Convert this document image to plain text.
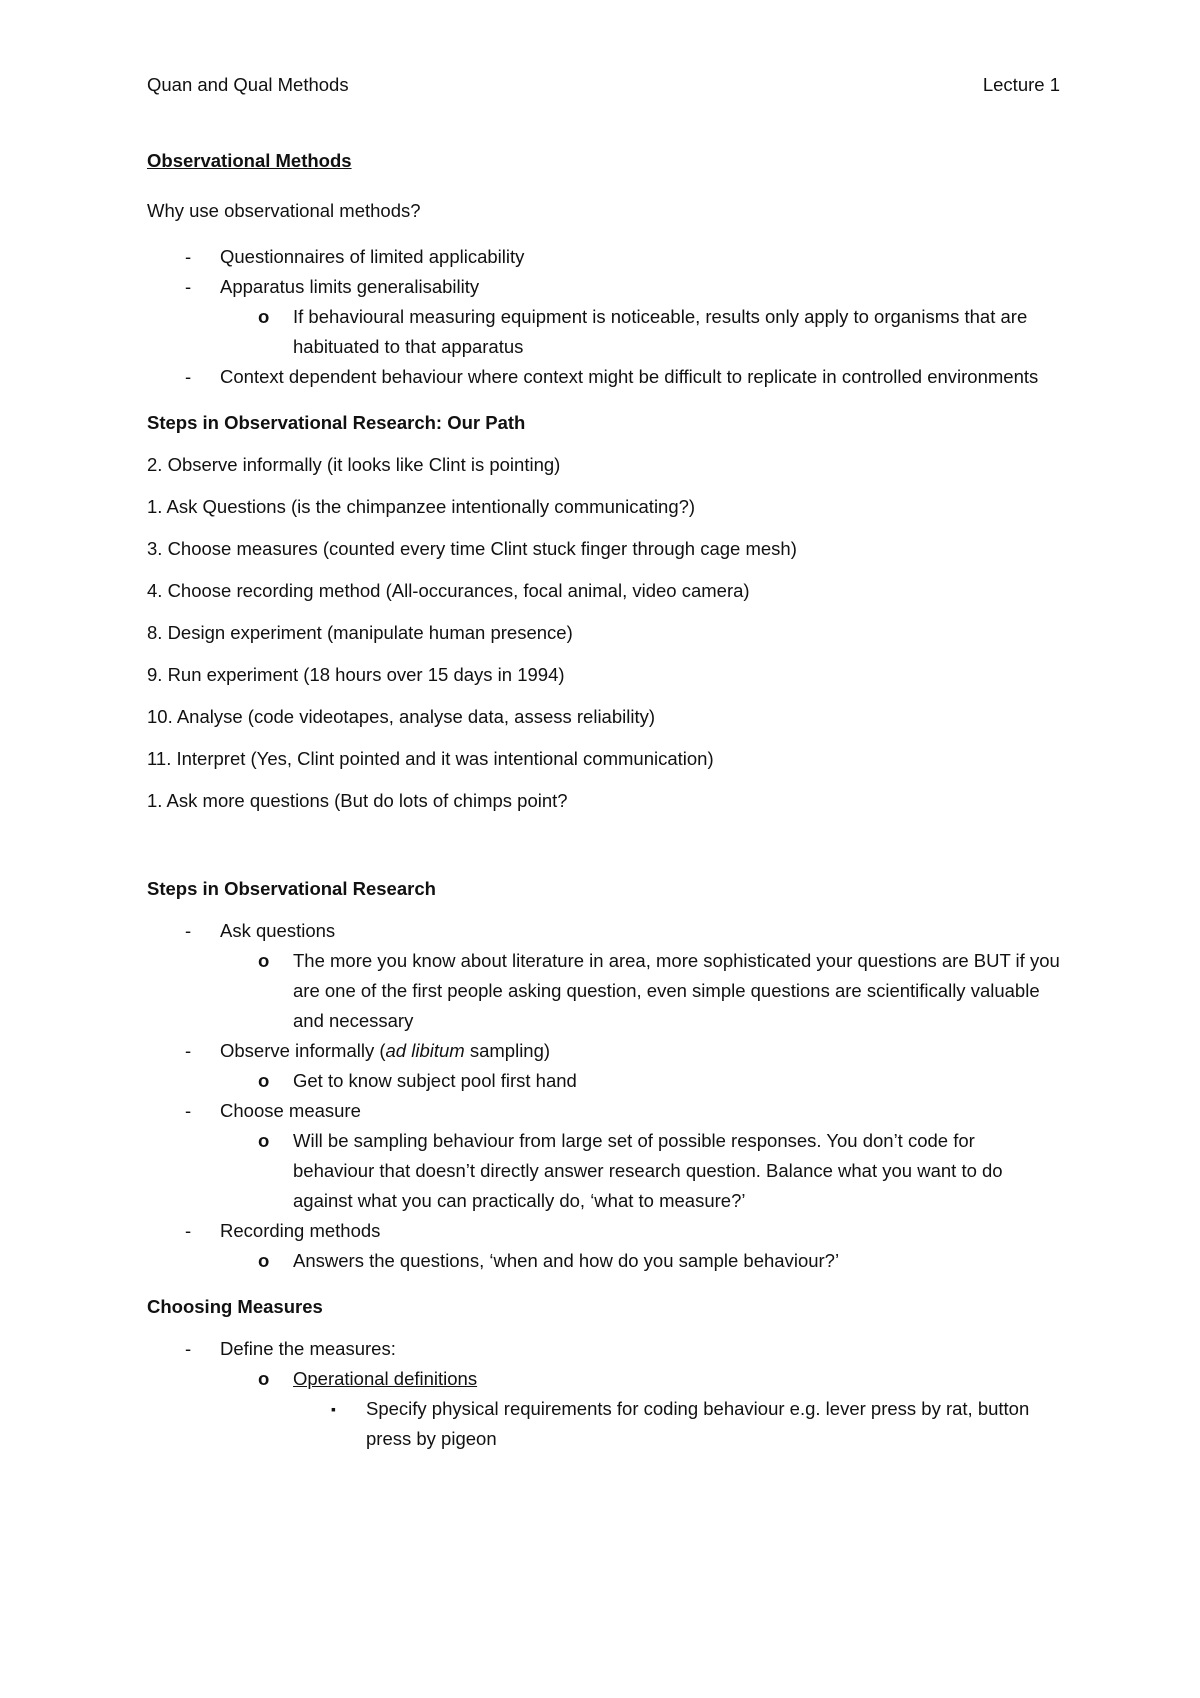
Quan and Qual Methods	Lecture 1
Observational Methods
Why use observational methods?
- Questionnaires of limited applicability
- Apparatus limits generalisability
o If behavioural measuring equipment is noticeable, results only apply to organisms that are habituated to that apparatus
- Context dependent behaviour where context might be difficult to replicate in controlled environments
Steps in Observational Research: Our Path
2. Observe informally (it looks like Clint is pointing)
1. Ask Questions (is the chimpanzee intentionally communicating?)
3. Choose measures (counted every time Clint stuck finger through cage mesh)
4. Choose recording method (All-occurances, focal animal, video camera)
8. Design experiment (manipulate human presence)
9. Run experiment (18 hours over 15 days in 1994)
10. Analyse (code videotapes, analyse data, assess reliability)
11. Interpret (Yes, Clint pointed and it was intentional communication)
1. Ask more questions (But do lots of chimps point?
Steps in Observational Research
- Ask questions
o The more you know about literature in area, more sophisticated your questions are BUT if you are one of the first people asking question, even simple questions are scientifically valuable and necessary
- Observe informally (ad libitum sampling)
o Get to know subject pool first hand
- Choose measure
o Will be sampling behaviour from large set of possible responses. You don’t code for behaviour that doesn’t directly answer research question. Balance what you want to do against what you can practically do, ‘what to measure?’
- Recording methods
o Answers the questions, ‘when and how do you sample behaviour?’
Choosing Measures
- Define the measures:
o Operational definitions
▪ Specify physical requirements for coding behaviour e.g. lever press by rat, button press by pigeon
